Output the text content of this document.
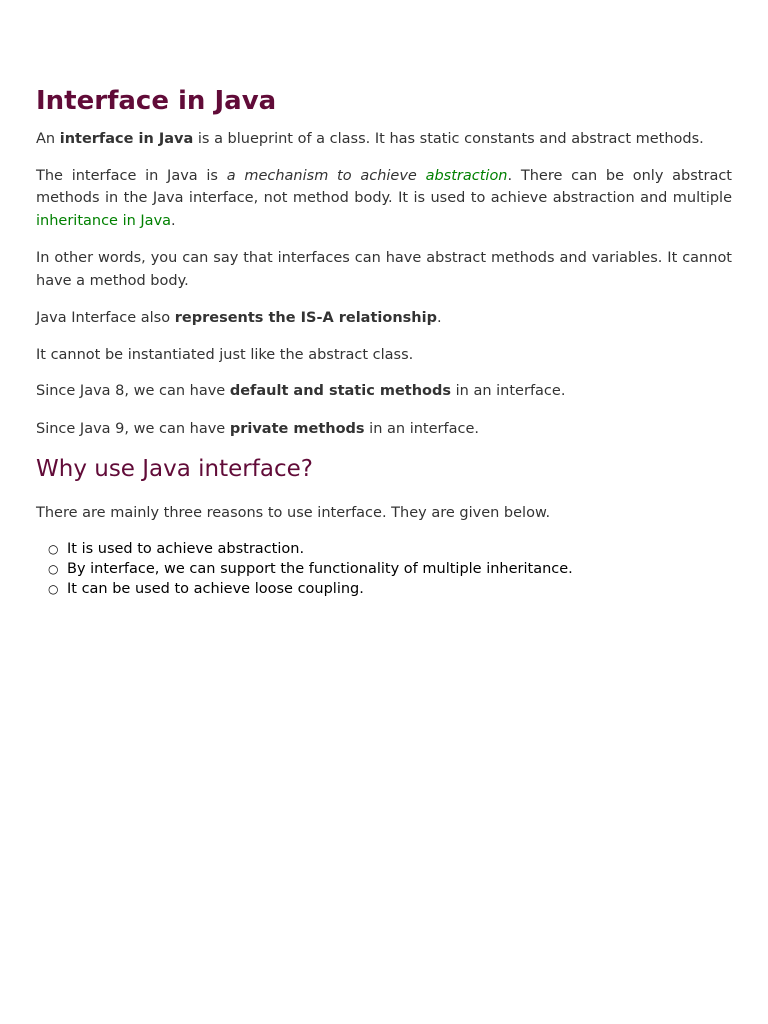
Interface in Java

An interface in Java is a blueprint of a class. It has static constants and abstract methods.

The interface in Java is a mechanism to achieve abstraction. There can be only abstract methods in the Java interface, not method body. It is used to achieve abstraction and multiple inheritance in Java.

In other words, you can say that interfaces can have abstract methods and variables. It cannot have a method body.

Java Interface also represents the IS-A relationship.

It cannot be instantiated just like the abstract class.

Since Java 8, we can have default and static methods in an interface.

Since Java 9, we can have private methods in an interface.

Why use Java interface?

There are mainly three reasons to use interface. They are given below.

○ It is used to achieve abstraction.
○ By interface, we can support the functionality of multiple inheritance.
○ It can be used to achieve loose coupling.
